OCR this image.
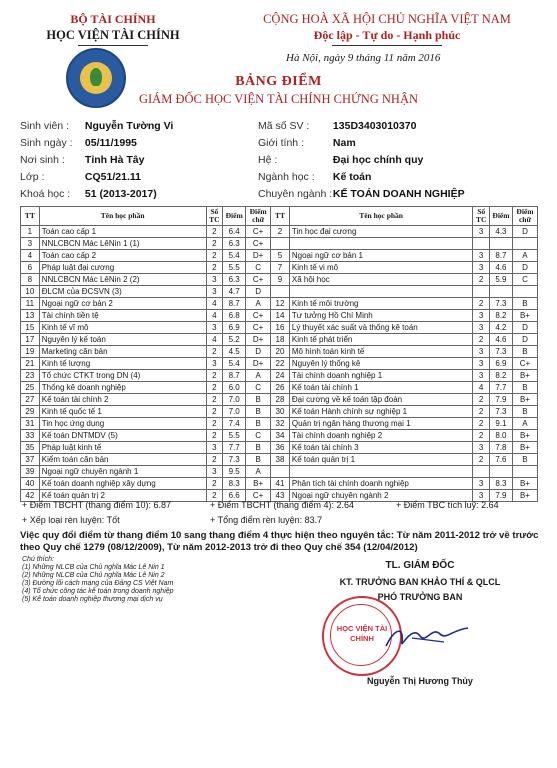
BỘ TÀI CHÍNH
HỌC VIỆN TÀI CHÍNH
CỘNG HOÀ XÃ HỘI CHỦ NGHĨA VIỆT NAM
Độc lập - Tự do - Hạnh phúc
Hà Nội, ngày 9 tháng 11 năm 2016
BẢNG ĐIỂM
GIÁM ĐỐC HỌC VIỆN TÀI CHÍNH CHỨNG NHẬN
Sinh viên : Nguyễn Tường Vi
Sinh ngày : 05/11/1995
Nơi sinh : Tỉnh Hà Tây
Lớp :	CQ51/21.11
Khoá học : 51 (2013-2017)
Mã số SV : 135D3403010370
Giới tính :	Nam
Hệ :	Đại học chính quy
Ngành học : Kế toán
Chuyên ngành : KẾ TOÁN DOANH NGHIỆP
TT	Tên học phần	Số TC	Điểm	Điểm chữ	TT	Tên học phần	Số TC	Điểm	Điểm chữ
1	Toán cao cấp 1	2	6.4	C+	2	Tin học đại cương	3	4.3	D
3	NNLCBCN Mác LêNin 1 (1)	2	6.3	C+					
4	Toán cao cấp 2	2	5.4	D+	5	Ngoại ngữ cơ bản 1	3	8.7	A
6	Pháp luật đại cương	2	5.5	C	7	Kinh tế vi mô	3	4.6	D
8	NNLCBCN Mác LêNin 2 (2)	3	6.3	C+	9	Xã hội học	2	5.9	C
10	ĐLCM của ĐCSVN (3)	3	4.7	D					
11	Ngoại ngữ cơ bản 2	4	8.7	A	12	Kinh tế môi trường	2	7.3	B
13	Tài chính tiền tệ	4	6.8	C+	14	Tư tưởng Hồ Chí Minh	3	8.2	B+
15	Kinh tế vĩ mô	3	6.9	C+	16	Lý thuyết xác suất và thống kê toán	3	4.2	D
17	Nguyên lý kế toán	4	5.2	D+	18	Kinh tế phát triển	2	4.6	D
19	Marketing căn bản	2	4.5	D	20	Mô hình toán kinh tế	3	7.3	B
21	Kinh tế lượng	3	5.4	D+	22	Nguyên lý thống kê	3	6.9	C+
23	Tổ chức CTKT trong DN (4)	2	8.7	A	24	Tài chính doanh nghiệp 1	3	8.2	B+
25	Thống kê doanh nghiệp	2	6.0	C	26	Kế toán tài chính 1	4	7.7	B
27	Kế toán tài chính 2	2	7.0	B	28	Đại cương về kế toán tập đoàn	2	7.9	B+
29	Kinh tế quốc tế 1	2	7.0	B	30	Kế toán Hành chính sự nghiệp 1	2	7.3	B
31	Tin học ứng dụng	2	7.4	B	32	Quản trị ngân hàng thương mại 1	2	9.1	A
33	Kế toán DNTMDV (5)	2	5.5	C	34	Tài chính doanh nghiệp 2	2	8.0	B+
35	Pháp luật kinh tế	3	7.7	B	36	Kế toán tài chính 3	3	7.8	B+
37	Kiểm toán căn bản	2	7.3	B	38	Kế toán quản trị 1	2	7.6	B
39	Ngoại ngữ chuyên ngành 1	3	9.5	A					
40	Kế toán doanh nghiệp xây dựng	2	8.3	B+	41	Phân tích tài chính doanh nghiệp	3	8.3	B+
42	Kế toán quản trị 2	2	6.6	C+	43	Ngoại ngữ chuyên ngành 2	3	7.9	B+
+ Điểm TBCHT (thang điểm 10): 6.87	+ Điểm TBCHT (thang điểm 4): 2.64	+ Điểm TBC tích luỹ: 2.64
+ Xếp loại rèn luyện: Tốt	+ Tổng điểm rèn luyện: 83.7
Việc quy đổi điểm từ thang điểm 10 sang thang điểm 4 thực hiện theo nguyên tắc: Từ năm 2011-2012 trở về trước theo Quy chế 1279 (08/12/2009), Từ năm 2012-2013 trở đi theo Quy chế 354 (12/04/2012)
Chú thích:
(1) Những NLCB của Chủ nghĩa Mác Lê Nin 1
(2) Những NLCB của Chủ nghĩa Mác Lê Nin 2
(3) Đường lối cách mạng của Đảng CS Việt Nam
(4) Tổ chức công tác kế toán trong doanh nghiệp
(5) Kế toán doanh nghiệp thương mại dịch vụ
TL. GIÁM ĐỐC
KT. TRƯỞNG BAN KHẢO THÍ & QLCL
PHÓ TRƯỞNG BAN
HỌC VIỆN TÀI CHÍNH
Nguyễn Thị Hương Thủy
